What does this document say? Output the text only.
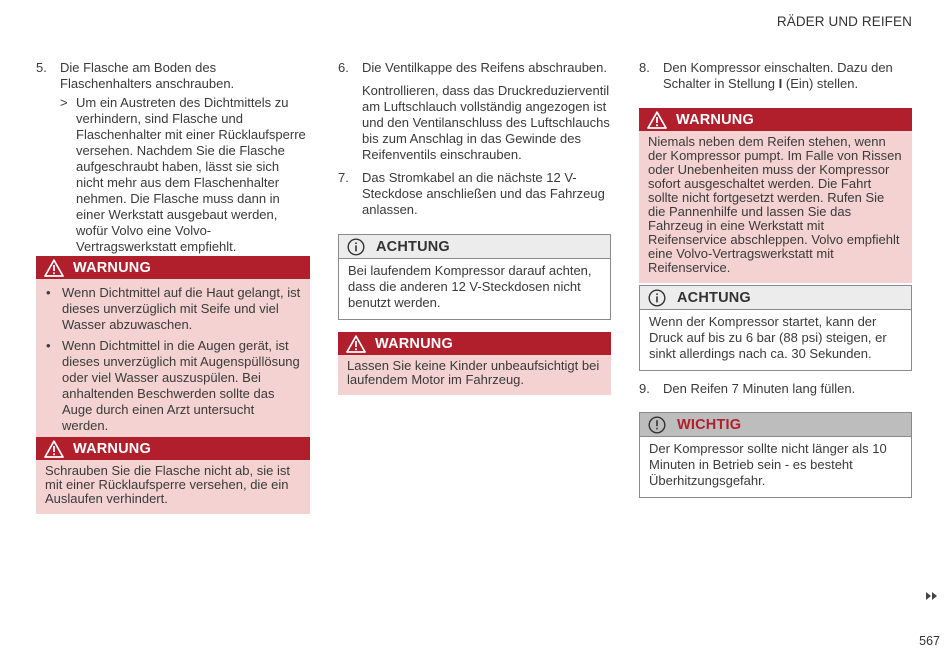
RÄDER UND REIFEN
5.	Die Flasche am Boden des Flaschenhalters anschrauben.
> Um ein Austreten des Dichtmittels zu verhindern, sind Flasche und Flaschenhalter mit einer Rücklaufsperre versehen. Nachdem Sie die Flasche aufgeschraubt haben, lässt sie sich nicht mehr aus dem Flaschenhalter nehmen. Die Flasche muss dann in einer Werkstatt ausgebaut werden, wofür Volvo eine Volvo-Vertragswerkstatt empfiehlt.
WARNUNG
• Wenn Dichtmittel auf die Haut gelangt, ist dieses unverzüglich mit Seife und viel Wasser abzuwaschen.
• Wenn Dichtmittel in die Augen gerät, ist dieses unverzüglich mit Augenspüllösung oder viel Wasser auszuspülen. Bei anhaltenden Beschwerden sollte das Auge durch einen Arzt untersucht werden.
WARNUNG
Schrauben Sie die Flasche nicht ab, sie ist mit einer Rücklaufsperre versehen, die ein Auslaufen verhindert.
6.	Die Ventilkappe des Reifens abschrauben.
Kontrollieren, dass das Druckreduzierventil am Luftschlauch vollständig angezogen ist und den Ventilanschluss des Luftschlauchs bis zum Anschlag in das Gewinde des Reifenventils einschrauben.
7.	Das Stromkabel an die nächste 12 V-Steckdose anschließen und das Fahrzeug anlassen.
ACHTUNG
Bei laufendem Kompressor darauf achten, dass die anderen 12 V-Steckdosen nicht benutzt werden.
WARNUNG
Lassen Sie keine Kinder unbeaufsichtigt bei laufendem Motor im Fahrzeug.
8.	Den Kompressor einschalten. Dazu den Schalter in Stellung I (Ein) stellen.
WARNUNG
Niemals neben dem Reifen stehen, wenn der Kompressor pumpt. Im Falle von Rissen oder Unebenheiten muss der Kompressor sofort ausgeschaltet werden. Die Fahrt sollte nicht fortgesetzt werden. Rufen Sie die Pannenhilfe und lassen Sie das Fahrzeug in eine Werkstatt mit Reifenservice abschleppen. Volvo empfiehlt eine Volvo-Vertragswerkstatt mit Reifenservice.
ACHTUNG
Wenn der Kompressor startet, kann der Druck auf bis zu 6 bar (88 psi) steigen, er sinkt allerdings nach ca. 30 Sekunden.
9.	Den Reifen 7 Minuten lang füllen.
WICHTIG
Der Kompressor sollte nicht länger als 10 Minuten in Betrieb sein - es besteht Überhitzungsgefahr.
567
